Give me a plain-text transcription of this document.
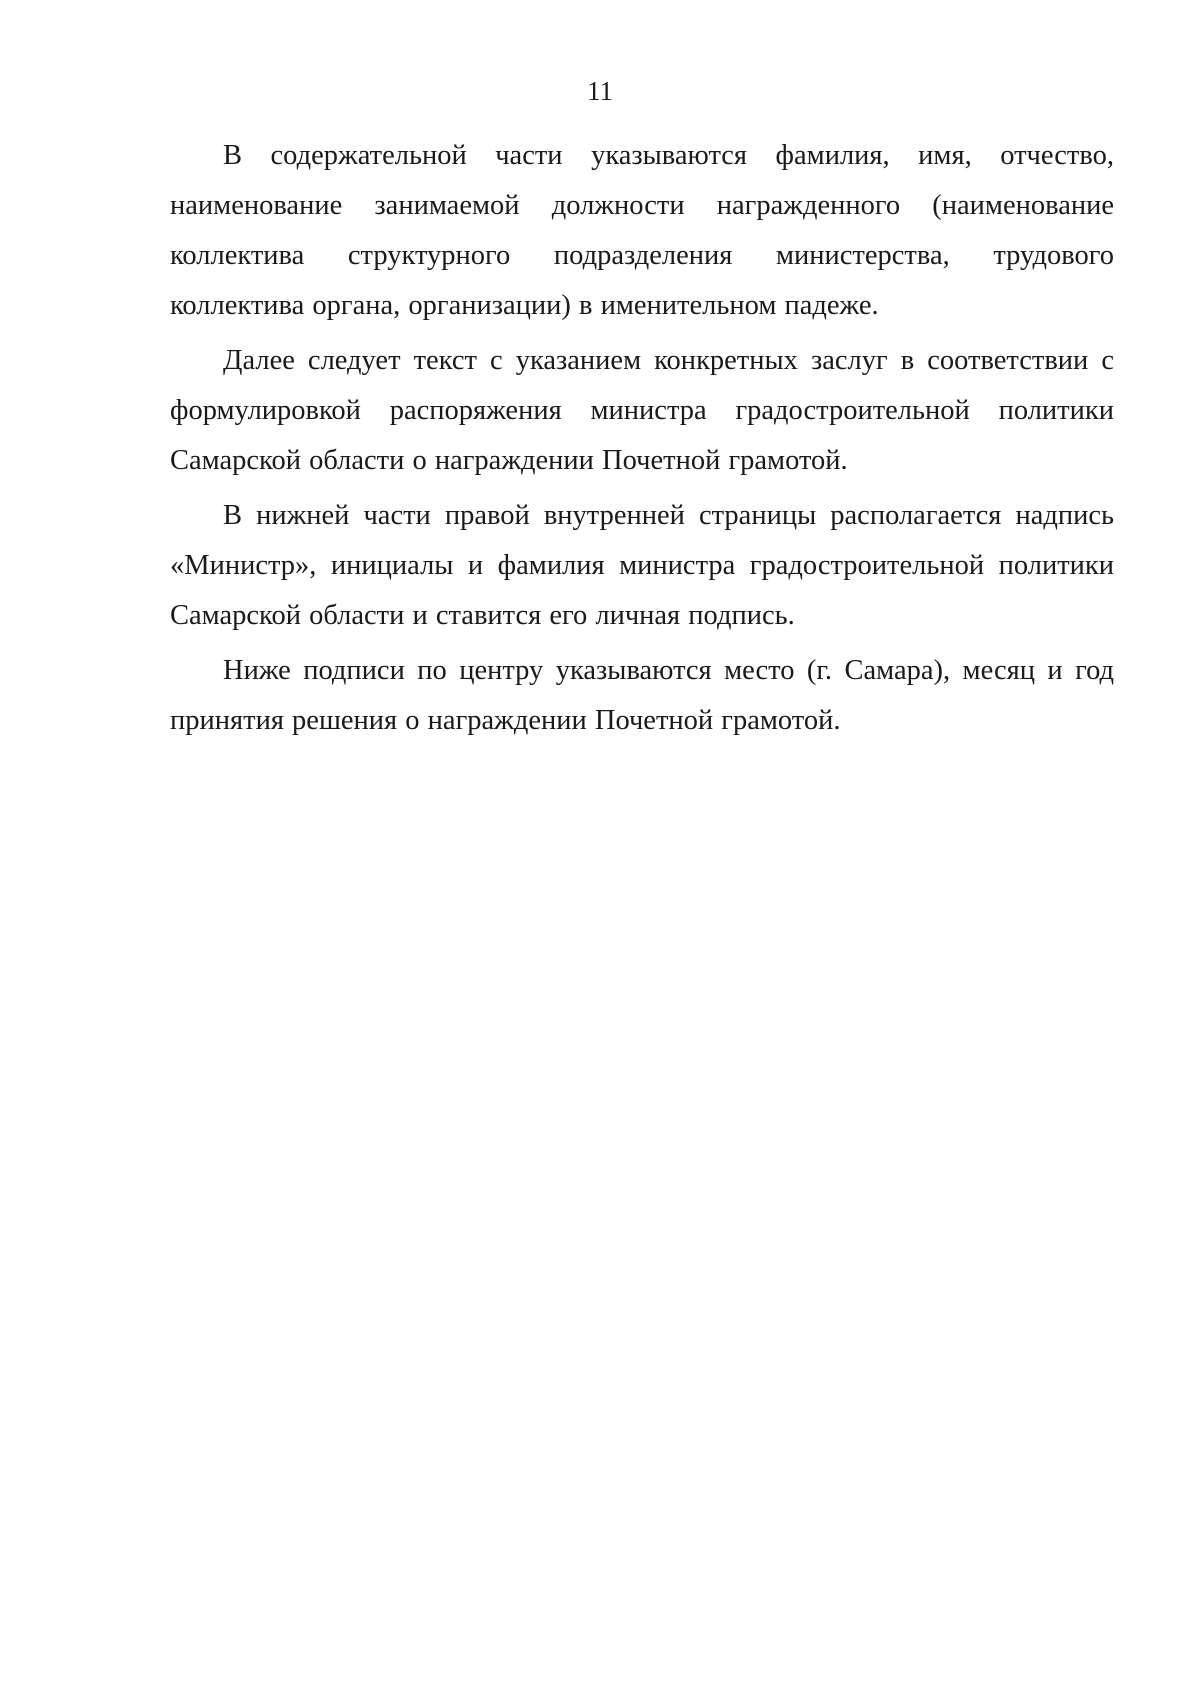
11

В содержательной части указываются фамилия, имя, отчество, наименование занимаемой должности награжденного (наименование коллектива структурного подразделения министерства, трудового коллектива органа, организации) в именительном падеже.

Далее следует текст с указанием конкретных заслуг в соответствии с формулировкой распоряжения министра градостроительной политики Самарской области о награждении Почетной грамотой.

В нижней части правой внутренней страницы располагается надпись «Министр», инициалы и фамилия министра градостроительной политики Самарской области и ставится его личная подпись.

Ниже подписи по центру указываются место (г. Самара), месяц и год принятия решения о награждении Почетной грамотой.
